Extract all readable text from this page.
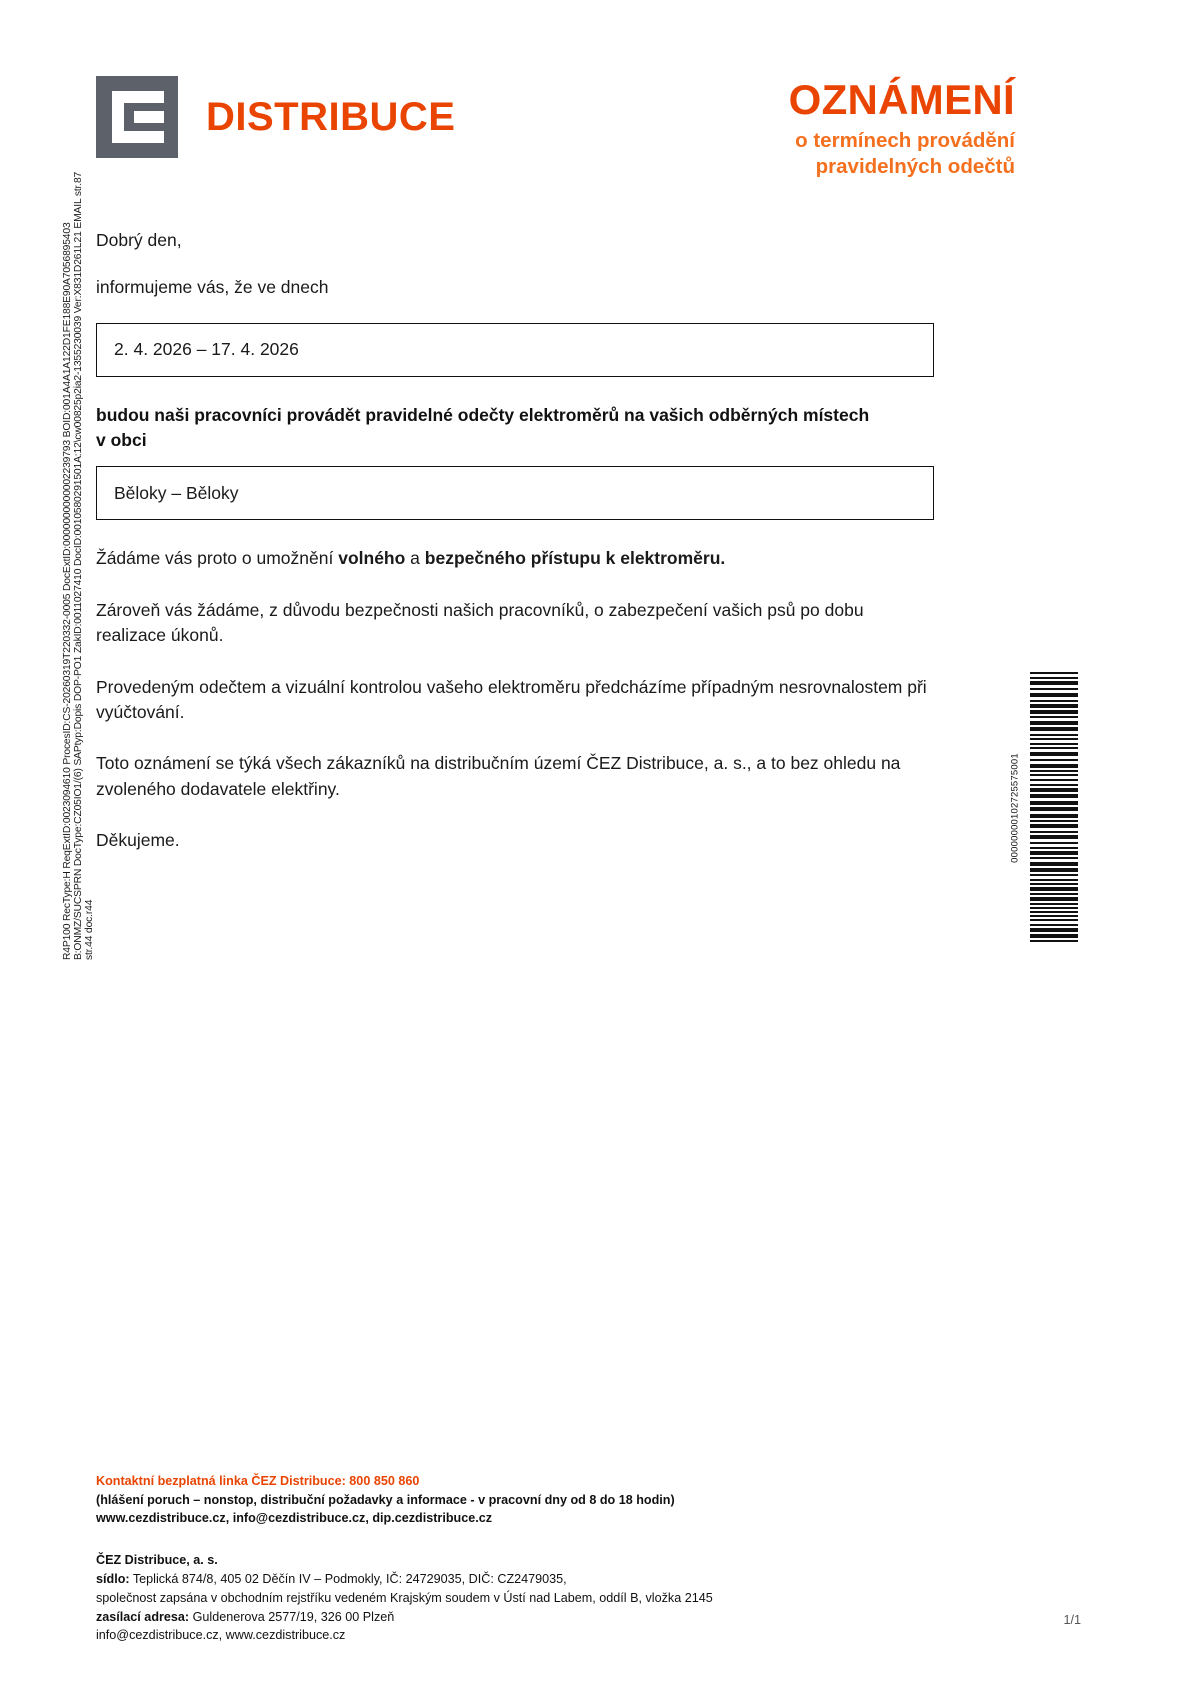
R4P100 RecType:H ReqExtID:0023094610 ProcesID:CS-20260319T220332-0005 DocExtID:0000000000002239793 BOID:001A4A1A122D1FE188E90A7056895403 B:ONMZ/SUCSPRN DocType:CZ05IO1/(6) SAPtyp:Dopis DOP-PO1 ZakID:0011027410 DocID:0010580291501A:12\cw00825p2ia2-1355230039 Ver:X831D261L21 EMAIL str.87 str.44 doc.r44
DISTRIBUCE	OZNÁMENÍ
o termínech provádění
pravidelných odečtů

Dobrý den,

informujeme vás, že ve dnech

2. 4. 2026 – 17. 4. 2026
budou naši pracovníci provádět pravidelné odečty elektroměrů na vašich odběrných místech
v obci
Běloky – Běloky

Žádáme vás proto o umožnění volného a bezpečného přístupu k elektroměru.

Zároveň vás žádáme, z důvodu bezpečnosti našich pracovníků, o zabezpečení vašich psů po dobu realizace úkonů.

Provedeným odečtem a vizuální kontrolou vašeho elektroměru předcházíme případným nesrovnalostem při vyúčtování.

Toto oznámení se týká všech zákazníků na distribučním území ČEZ Distribuce, a. s., a to bez ohledu na zvoleného dodavatele elektřiny.

Děkujeme.	00000000102725575001
Kontaktní bezplatná linka ČEZ Distribuce: 800 850 860
(hlášení poruch – nonstop, distribuční požadavky a informace - v pracovní dny od 8 do 18 hodin)
www.cezdistribuce.cz, info@cezdistribuce.cz, dip.cezdistribuce.cz
ČEZ Distribuce, a. s.
sídlo: Teplická 874/8, 405 02 Děčín IV – Podmokly, IČ: 24729035, DIČ: CZ2479035,
společnost zapsána v obchodním rejstříku vedeném Krajským soudem v Ústí nad Labem, oddíl B, vložka 2145
zasílací adresa: Guldenerova 2577/19, 326 00 Plzeň
info@cezdistribuce.cz, www.cezdistribuce.cz
1/1
